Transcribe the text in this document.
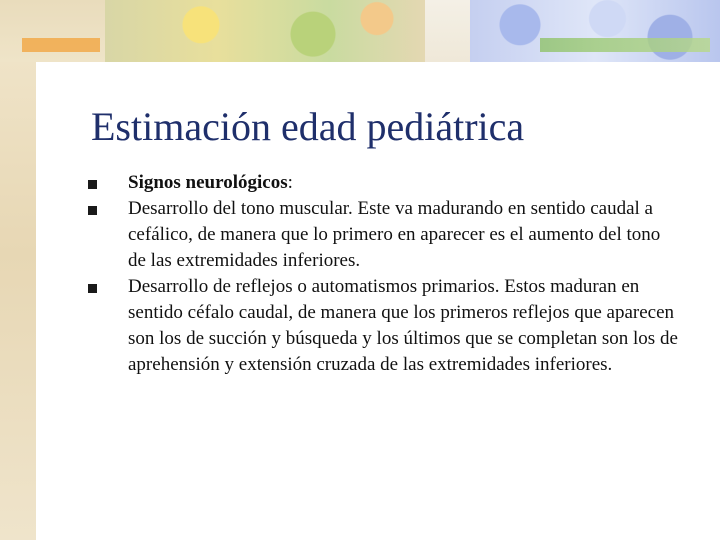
Estimación edad pediátrica
Signos neurológicos:
Desarrollo del tono muscular. Este va madurando en sentido caudal a cefálico, de manera que lo primero en aparecer es el aumento del tono de las extremidades inferiores.
Desarrollo de reflejos o automatismos primarios. Estos maduran en sentido céfalo caudal, de manera que los primeros reflejos que aparecen son los de succión y búsqueda y los últimos que se completan son los de aprehensión y extensión cruzada de las extremidades inferiores.
